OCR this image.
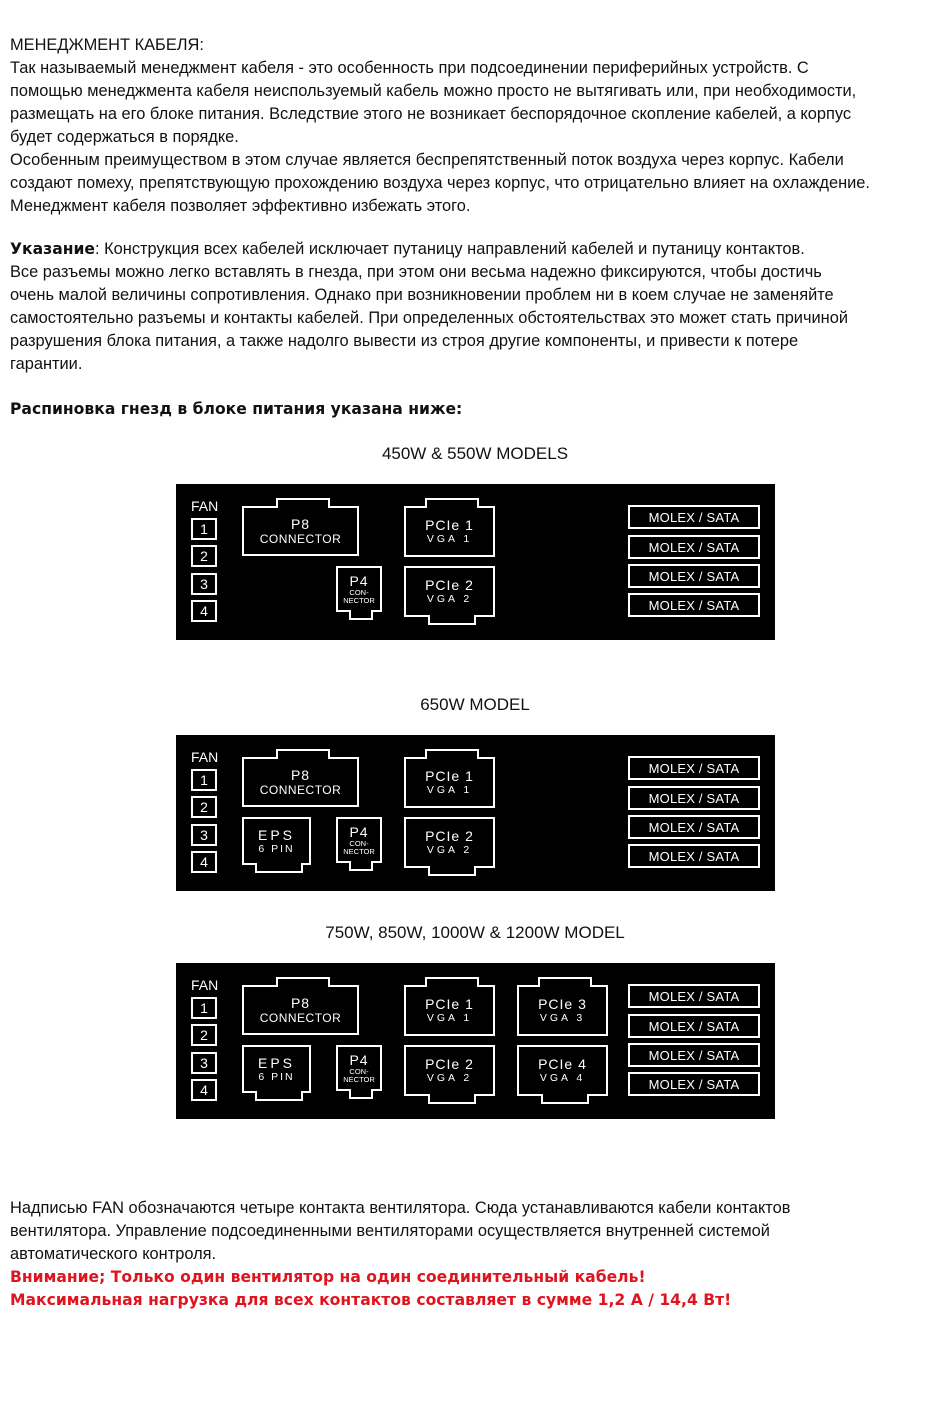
МЕНЕДЖМЕНТ КАБЕЛЯ:

Так называемый менеджмент кабеля - это особенность при подсоединении периферийных устройств. С

помощью менеджмента кабеля неиспользуемый кабель можно просто не вытягивать или, при необходимости,

размещать на его блоке питания. Вследствие этого не возникает беспорядочное скопление кабелей, а корпус

будет содержаться в порядке.

Особенным преимуществом в этом случае является беспрепятственный поток воздуха через корпус. Кабели

создают помеху, препятствующую прохождению воздуха через корпус, что отрицательно влияет на охлаждение.

Менеджмент кабеля позволяет эффективно избежать этого.

Указание: Конструкция всех кабелей исключает путаницу направлений кабелей и путаницу контактов.

Все разъемы можно легко вставлять в гнезда, при этом они весьма надежно фиксируются, чтобы достичь

очень малой величины сопротивления. Однако при возникновении проблем ни в коем случае не заменяйте

самостоятельно разъемы и контакты кабелей. При определенных обстоятельствах это может стать причиной

разрушения блока питания, а также надолго вывести из строя другие компоненты, и привести к потере

гарантии.

Распиновка гнезд в блоке питания указана ниже:

450W & 550W MODELS
FAN
1
2
3
4
P8
CONNECTOR
P4
CON-
NECTOR
PCIe 1
VGA 1
PCIe 2
VGA 2
MOLEX / SATA
MOLEX / SATA
MOLEX / SATA
MOLEX / SATA
650W MODEL
FAN
1
2
3
4
P8
CONNECTOR
EPS
6 PIN
P4
CON-
NECTOR
PCIe 1
VGA 1
PCIe 2
VGA 2
MOLEX / SATA
MOLEX / SATA
MOLEX / SATA
MOLEX / SATA
750W, 850W, 1000W & 1200W MODEL
FAN
1
2
3
4
P8
CONNECTOR
EPS
6 PIN
P4
CON-
NECTOR
PCIe 1
VGA 1
PCIe 2
VGA 2
PCIe 3
VGA 3
PCIe 4
VGA 4
MOLEX / SATA
MOLEX / SATA
MOLEX / SATA
MOLEX / SATA

Надписью FAN обозначаются четыре контакта вентилятора. Сюда устанавливаются кабели контактов

вентилятора. Управление подсоединенными вентиляторами осуществляется внутренней системой

автоматического контроля.

Внимание; Только один вентилятор на один соединительный кабель!

Максимальная нагрузка для всех контактов составляет в сумме 1,2 А / 14,4 Вт!
